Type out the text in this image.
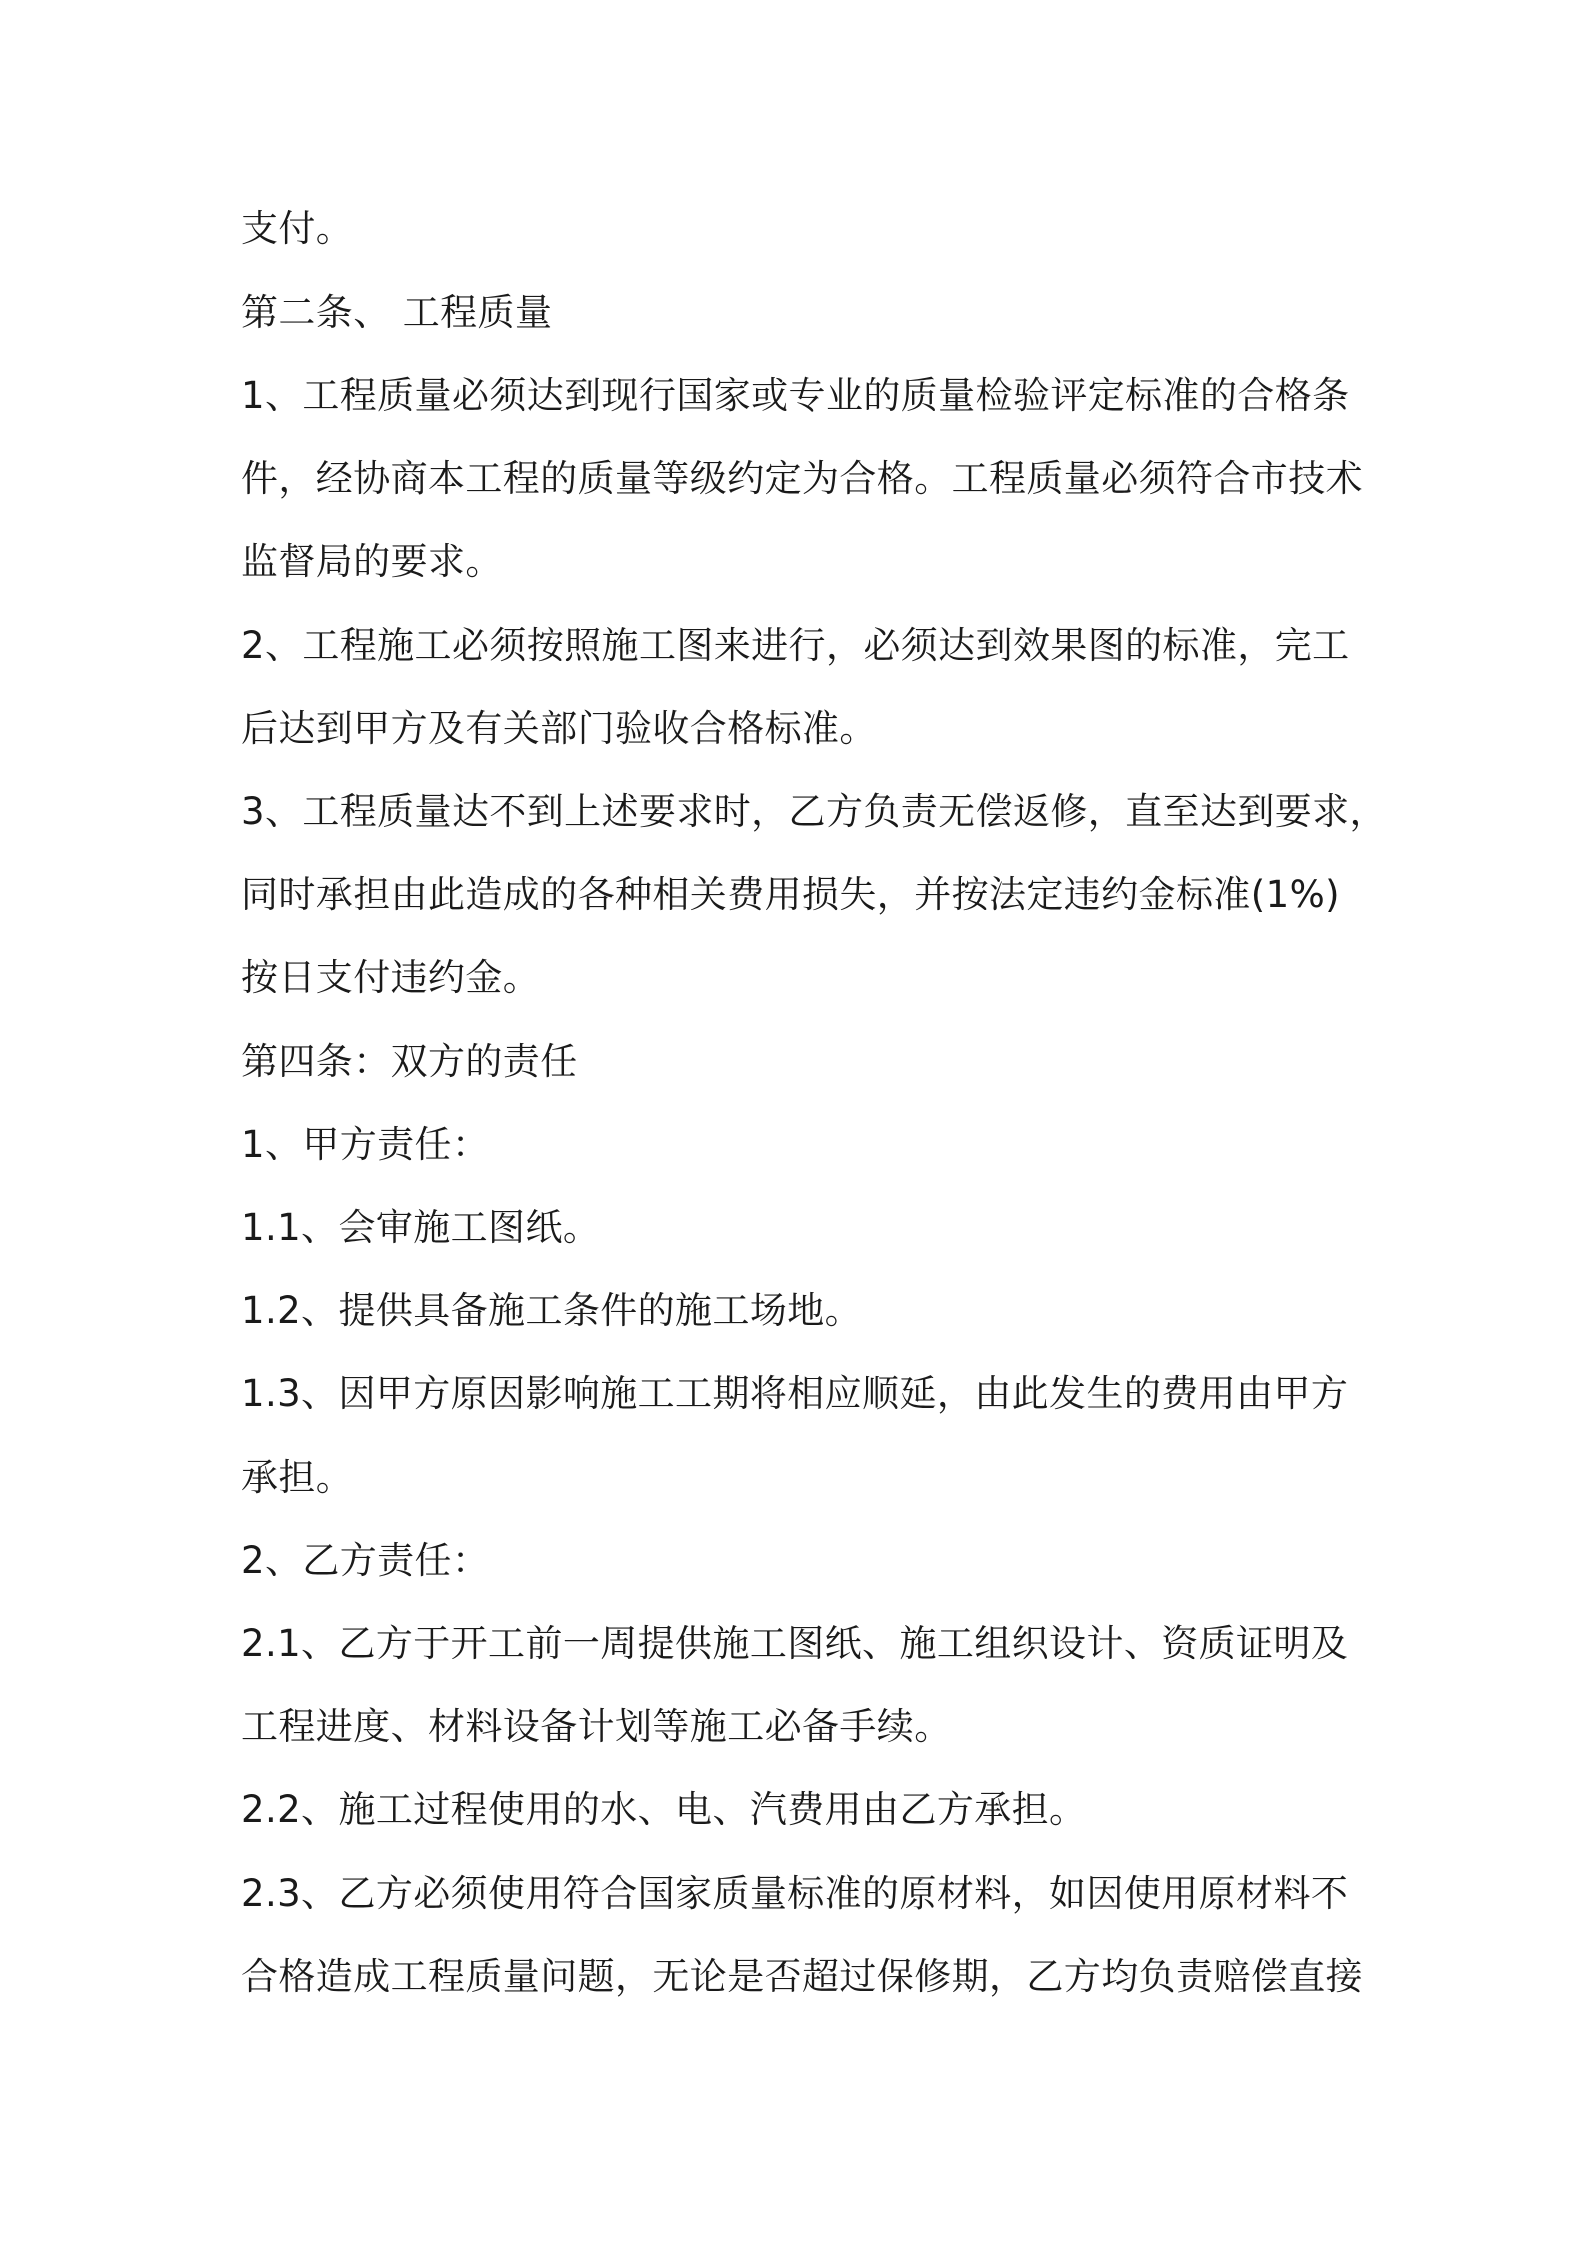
支付。
第二条、 工程质量
1、工程质量必须达到现行国家或专业的质量检验评定标准的合格条
件，经协商本工程的质量等级约定为合格。工程质量必须符合市技术
监督局的要求。
2、工程施工必须按照施工图来进行，必须达到效果图的标准，完工
后达到甲方及有关部门验收合格标准。
3、工程质量达不到上述要求时，乙方负责无偿返修，直至达到要求，
同时承担由此造成的各种相关费用损失，并按法定违约金标准(1%)
按日支付违约金。
第四条：双方的责任
1、甲方责任：
1.1、会审施工图纸。
1.2、提供具备施工条件的施工场地。
1.3、因甲方原因影响施工工期将相应顺延，由此发生的费用由甲方
承担。
2、乙方责任：
2.1、乙方于开工前一周提供施工图纸、施工组织设计、资质证明及
工程进度、材料设备计划等施工必备手续。
2.2、施工过程使用的水、电、汽费用由乙方承担。
2.3、乙方必须使用符合国家质量标准的原材料，如因使用原材料不
合格造成工程质量问题，无论是否超过保修期，乙方均负责赔偿直接
